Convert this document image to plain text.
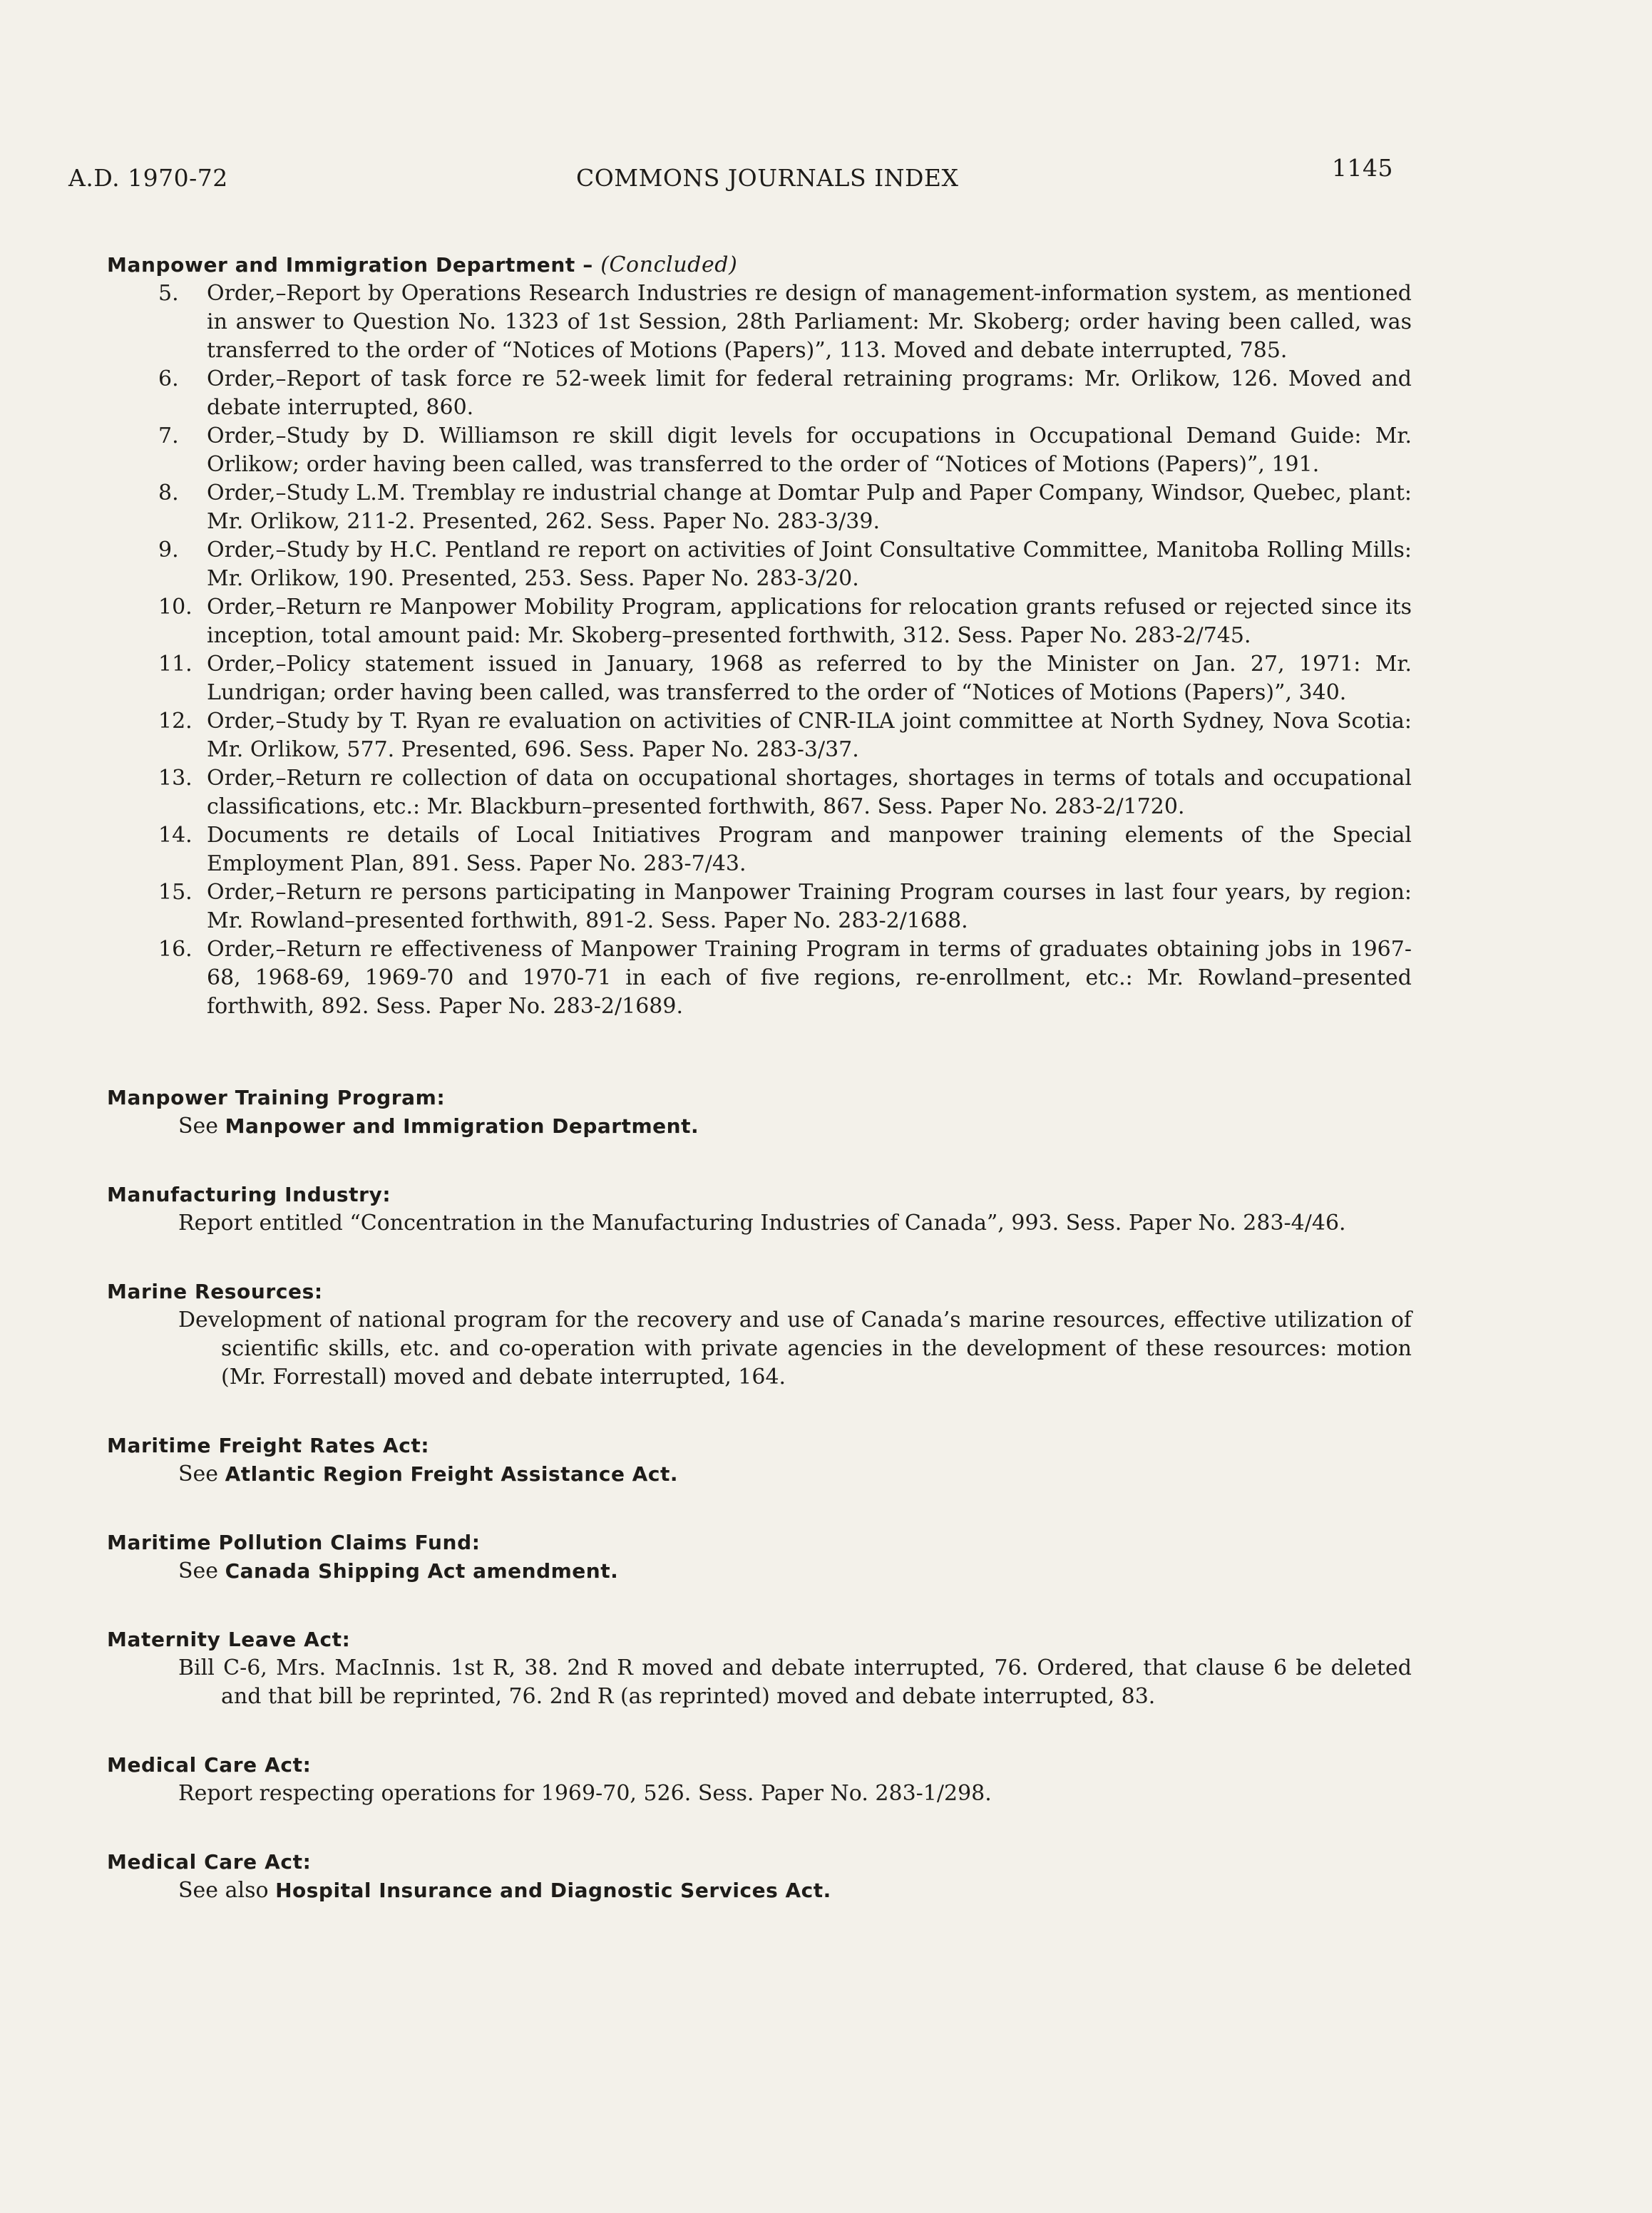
A.D. 1970-72	COMMONS JOURNALS INDEX	1145
Manpower and Immigration Department – (Concluded)
5.	Order,–Report by Operations Research Industries re design of management-information system, as mentioned in answer to Question No. 1323 of 1st Session, 28th Parliament: Mr. Skoberg; order having been called, was transferred to the order of “Notices of Motions (Papers)”, 113. Moved and debate interrupted, 785.
6.	Order,–Report of task force re 52-week limit for federal retraining programs: Mr. Orlikow, 126. Moved and debate interrupted, 860.
7.	Order,–Study by D. Williamson re skill digit levels for occupations in Occupational Demand Guide: Mr. Orlikow; order having been called, was transferred to the order of “Notices of Motions (Papers)”, 191.
8.	Order,–Study L.M. Tremblay re industrial change at Domtar Pulp and Paper Company, Windsor, Quebec, plant: Mr. Orlikow, 211-2. Presented, 262. Sess. Paper No. 283-3/39.
9.	Order,–Study by H.C. Pentland re report on activities of Joint Consultative Committee, Manitoba Rolling Mills: Mr. Orlikow, 190. Presented, 253. Sess. Paper No. 283-3/20.
10. Order,–Return re Manpower Mobility Program, applications for relocation grants refused or rejected since its inception, total amount paid: Mr. Skoberg–presented forthwith, 312. Sess. Paper No. 283-2/745.
11. Order,–Policy statement issued in January, 1968 as referred to by the Minister on Jan. 27, 1971: Mr. Lundrigan; order having been called, was transferred to the order of “Notices of Motions (Papers)”, 340.
12. Order,–Study by T. Ryan re evaluation on activities of CNR-ILA joint committee at North Sydney, Nova Scotia: Mr. Orlikow, 577. Presented, 696. Sess. Paper No. 283-3/37.
13. Order,–Return re collection of data on occupational shortages, shortages in terms of totals and occupational classifications, etc.: Mr. Blackburn–presented forthwith, 867. Sess. Paper No. 283-2/1720.
14. Documents re details of Local Initiatives Program and manpower training elements of the Special Employment Plan, 891. Sess. Paper No. 283-7/43.
15. Order,–Return re persons participating in Manpower Training Program courses in last four years, by region: Mr. Rowland–presented forthwith, 891-2. Sess. Paper No. 283-2/1688.
16. Order,–Return re effectiveness of Manpower Training Program in terms of graduates obtaining jobs in 1967-68, 1968-69, 1969-70 and 1970-71 in each of five regions, re-enrollment, etc.: Mr. Rowland–presented forthwith, 892. Sess. Paper No. 283-2/1689.
Manpower Training Program:
See Manpower and Immigration Department.
Manufacturing Industry:
Report entitled “Concentration in the Manufacturing Industries of Canada”, 993. Sess. Paper No. 283-4/46.
Marine Resources:
Development of national program for the recovery and use of Canada’s marine resources, effective utilization of scientific skills, etc. and co-operation with private agencies in the development of these resources: motion (Mr. Forrestall) moved and debate interrupted, 164.
Maritime Freight Rates Act:
See Atlantic Region Freight Assistance Act.
Maritime Pollution Claims Fund:
See Canada Shipping Act amendment.
Maternity Leave Act:
Bill C-6, Mrs. MacInnis. 1st R, 38. 2nd R moved and debate interrupted, 76. Ordered, that clause 6 be deleted and that bill be reprinted, 76. 2nd R (as reprinted) moved and debate interrupted, 83.
Medical Care Act:
Report respecting operations for 1969-70, 526. Sess. Paper No. 283-1/298.
Medical Care Act:
See also Hospital Insurance and Diagnostic Services Act.
